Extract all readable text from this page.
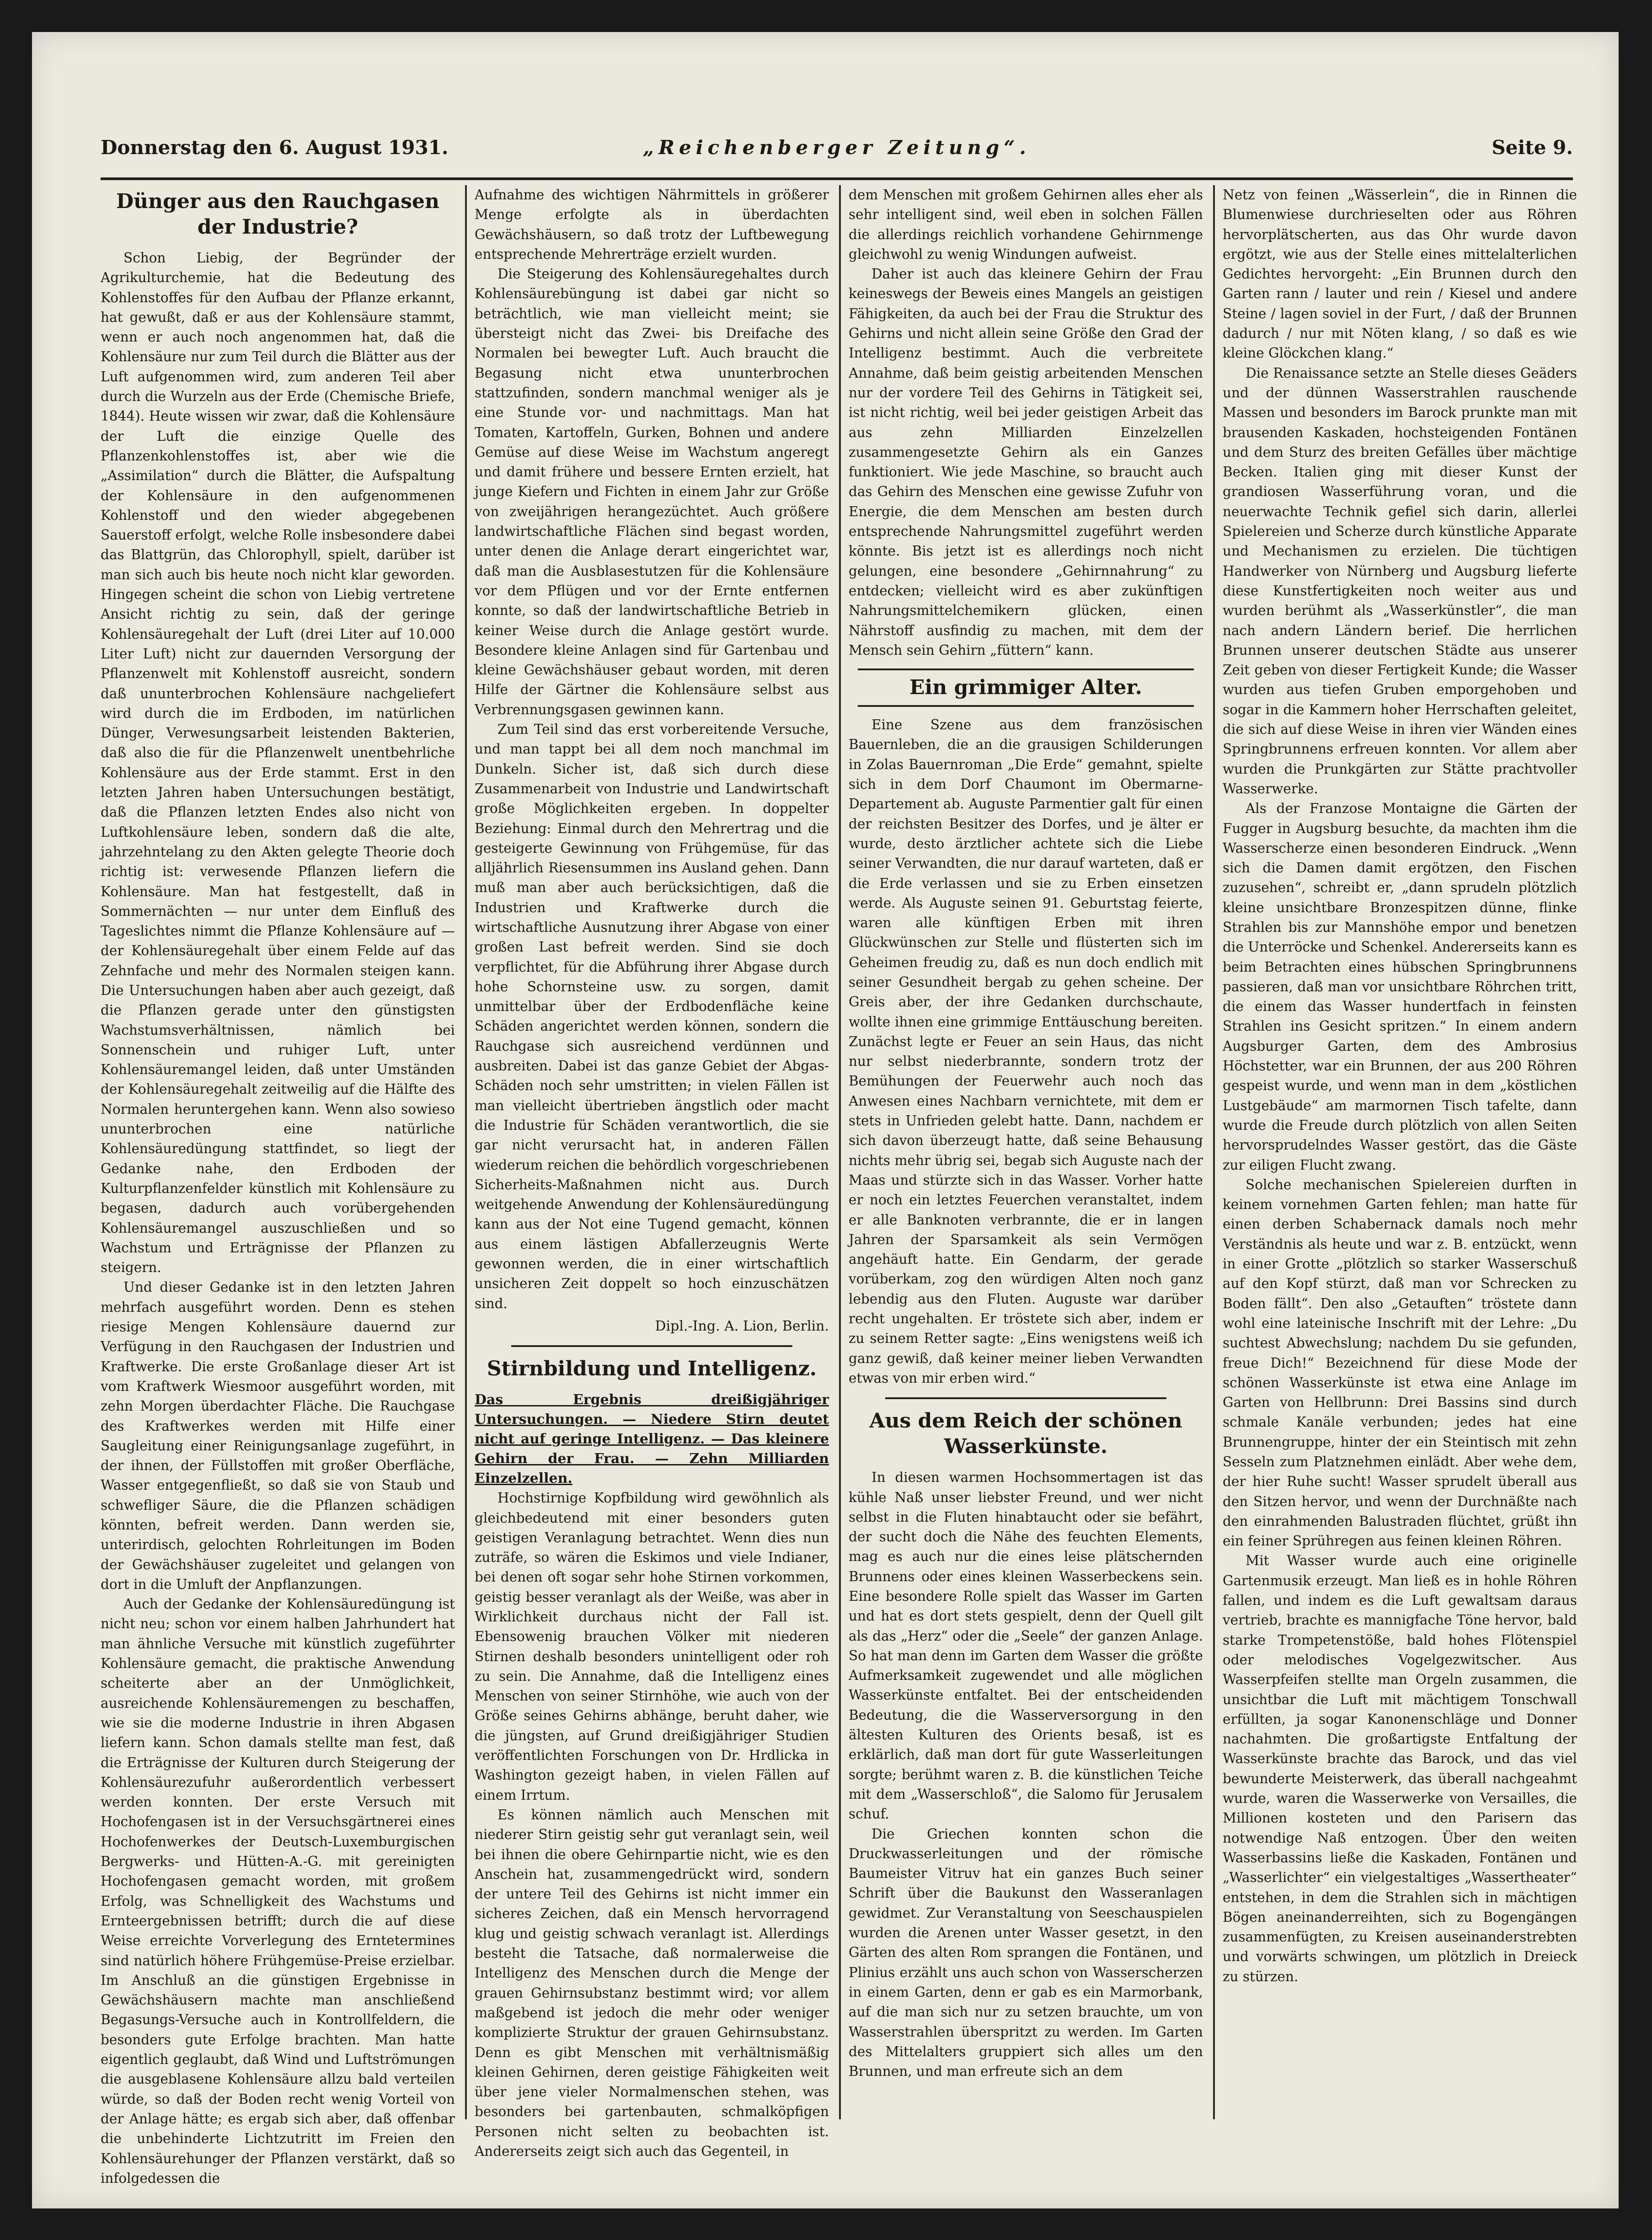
Donnerstag den 6. August 1931.	„Reichenberger Zeitung“.	Seite 9.
Dünger aus den Rauchgasen der Industrie?

Schon Liebig, der Begründer der Agrikulturchemie, hat die Bedeutung des Kohlenstoffes für den Aufbau der Pflanze erkannt, hat gewußt, daß er aus der Kohlensäure stammt, wenn er auch noch angenommen hat, daß die Kohlensäure nur zum Teil durch die Blätter aus der Luft aufgenommen wird, zum anderen Teil aber durch die Wurzeln aus der Erde (Chemische Briefe, 1844). Heute wissen wir zwar, daß die Kohlensäure der Luft die einzige Quelle des Pflanzenkohlenstoffes ist, aber wie die „Assimilation“ durch die Blätter, die Aufspaltung der Kohlensäure in den aufgenommenen Kohlenstoff und den wieder abgegebenen Sauerstoff erfolgt, welche Rolle insbesondere dabei das Blattgrün, das Chlorophyll, spielt, darüber ist man sich auch bis heute noch nicht klar geworden. Hingegen scheint die schon von Liebig vertretene Ansicht richtig zu sein, daß der geringe Kohlensäuregehalt der Luft (drei Liter auf 10.000 Liter Luft) nicht zur dauernden Versorgung der Pflanzenwelt mit Kohlenstoff ausreicht, sondern daß ununterbrochen Kohlensäure nachgeliefert wird durch die im Erdboden, im natürlichen Dünger, Verwesungsarbeit leistenden Bakterien, daß also die für die Pflanzenwelt unentbehrliche Kohlensäure aus der Erde stammt. Erst in den letzten Jahren haben Untersuchungen bestätigt, daß die Pflanzen letzten Endes also nicht von Luftkohlensäure leben, sondern daß die alte, jahrzehntelang zu den Akten gelegte Theorie doch richtig ist: verwesende Pflanzen liefern die Kohlensäure. Man hat festgestellt, daß in Sommernächten — nur unter dem Einfluß des Tageslichtes nimmt die Pflanze Kohlensäure auf — der Kohlensäuregehalt über einem Felde auf das Zehnfache und mehr des Normalen steigen kann. Die Untersuchungen haben aber auch gezeigt, daß die Pflanzen gerade unter den günstigsten Wachstumsverhältnissen, nämlich bei Sonnenschein und ruhiger Luft, unter Kohlensäuremangel leiden, daß unter Umständen der Kohlensäuregehalt zeitweilig auf die Hälfte des Normalen heruntergehen kann. Wenn also sowieso ununterbrochen eine natürliche Kohlensäuredüngung stattfindet, so liegt der Gedanke nahe, den Erdboden der Kulturpflanzenfelder künstlich mit Kohlensäure zu begasen, dadurch auch vorübergehenden Kohlensäuremangel auszuschließen und so Wachstum und Erträgnisse der Pflanzen zu steigern.

Und dieser Gedanke ist in den letzten Jahren mehrfach ausgeführt worden. Denn es stehen riesige Mengen Kohlensäure dauernd zur Verfügung in den Rauchgasen der Industrien und Kraftwerke. Die erste Großanlage dieser Art ist vom Kraftwerk Wiesmoor ausgeführt worden, mit zehn Morgen überdachter Fläche. Die Rauchgase des Kraftwerkes werden mit Hilfe einer Saugleitung einer Reinigungsanlage zugeführt, in der ihnen, der Füllstoffen mit großer Oberfläche, Wasser entgegenfließt, so daß sie von Staub und schwefliger Säure, die die Pflanzen schädigen könnten, befreit werden. Dann werden sie, unterirdisch, gelochten Rohrleitungen im Boden der Gewächshäuser zugeleitet und gelangen von dort in die Umluft der Anpflanzungen.

Auch der Gedanke der Kohlensäuredüngung ist nicht neu; schon vor einem halben Jahrhundert hat man ähnliche Versuche mit künstlich zugeführter Kohlensäure gemacht, die praktische Anwendung scheiterte aber an der Unmöglichkeit, ausreichende Kohlensäuremengen zu beschaffen, wie sie die moderne Industrie in ihren Abgasen liefern kann. Schon damals stellte man fest, daß die Erträgnisse der Kulturen durch Steigerung der Kohlensäurezufuhr außerordentlich verbessert werden konnten. Der erste Versuch mit Hochofengasen ist in der Versuchsgärtnerei eines Hochofenwerkes der Deutsch-Luxemburgischen Bergwerks- und Hütten-A.-G. mit gereinigten Hochofengasen gemacht worden, mit großem Erfolg, was Schnelligkeit des Wachstums und Ernteergebnissen betrifft; durch die auf diese Weise erreichte Vorverlegung des Erntetermines sind natürlich höhere Frühgemüse-Preise erzielbar. Im Anschluß an die günstigen Ergebnisse in Gewächshäusern machte man anschließend Begasungs-Versuche auch in Kontrollfeldern, die besonders gute Erfolge brachten. Man hatte eigentlich geglaubt, daß Wind und Luftströmungen die ausgeblasene Kohlensäure allzu bald verteilen würde, so daß der Boden recht wenig Vorteil von der Anlage hätte; es ergab sich aber, daß offenbar die unbehinderte Lichtzutritt im Freien den Kohlensäurehunger der Pflanzen verstärkt, daß so infolgedessen die

Aufnahme des wichtigen Nährmittels in größerer Menge erfolgte als in überdachten Gewächshäusern, so daß trotz der Luftbewegung entsprechende Mehrerträge erzielt wurden.

Die Steigerung des Kohlensäuregehaltes durch Kohlensäurebüngung ist dabei gar nicht so beträchtlich, wie man vielleicht meint; sie übersteigt nicht das Zwei- bis Dreifache des Normalen bei bewegter Luft. Auch braucht die Begasung nicht etwa ununterbrochen stattzufinden, sondern manchmal weniger als je eine Stunde vor- und nachmittags. Man hat Tomaten, Kartoffeln, Gurken, Bohnen und andere Gemüse auf diese Weise im Wachstum angeregt und damit frühere und bessere Ernten erzielt, hat junge Kiefern und Fichten in einem Jahr zur Größe von zweijährigen herangezüchtet. Auch größere landwirtschaftliche Flächen sind begast worden, unter denen die Anlage derart eingerichtet war, daß man die Ausblasestutzen für die Kohlensäure vor dem Pflügen und vor der Ernte entfernen konnte, so daß der landwirtschaftliche Betrieb in keiner Weise durch die Anlage gestört wurde. Besondere kleine Anlagen sind für Gartenbau und kleine Gewächshäuser gebaut worden, mit deren Hilfe der Gärtner die Kohlensäure selbst aus Verbrennungsgasen gewinnen kann.

Zum Teil sind das erst vorbereitende Versuche, und man tappt bei all dem noch manchmal im Dunkeln. Sicher ist, daß sich durch diese Zusammenarbeit von Industrie und Landwirtschaft große Möglichkeiten ergeben. In doppelter Beziehung: Einmal durch den Mehrertrag und die gesteigerte Gewinnung von Frühgemüse, für das alljährlich Riesensummen ins Ausland gehen. Dann muß man aber auch berücksichtigen, daß die Industrien und Kraftwerke durch die wirtschaftliche Ausnutzung ihrer Abgase von einer großen Last befreit werden. Sind sie doch verpflichtet, für die Abführung ihrer Abgase durch hohe Schornsteine usw. zu sorgen, damit unmittelbar über der Erdbodenfläche keine Schäden angerichtet werden können, sondern die Rauchgase sich ausreichend verdünnen und ausbreiten. Dabei ist das ganze Gebiet der Abgas-Schäden noch sehr umstritten; in vielen Fällen ist man vielleicht übertrieben ängstlich oder macht die Industrie für Schäden verantwortlich, die sie gar nicht verursacht hat, in anderen Fällen wiederum reichen die behördlich vorgeschriebenen Sicherheits-Maßnahmen nicht aus. Durch weitgehende Anwendung der Kohlensäuredüngung kann aus der Not eine Tugend gemacht, können aus einem lästigen Abfallerzeugnis Werte gewonnen werden, die in einer wirtschaftlich unsicheren Zeit doppelt so hoch einzuschätzen sind.

Dipl.-Ing. A. Lion, Berlin.
Stirnbildung und Intelligenz.

Das Ergebnis dreißigjähriger Untersuchungen. — Niedere Stirn deutet nicht auf geringe Intelligenz. — Das kleinere Gehirn der Frau. — Zehn Milliarden Einzelzellen.

Hochstirnige Kopfbildung wird gewöhnlich als gleichbedeutend mit einer besonders guten geistigen Veranlagung betrachtet. Wenn dies nun zuträfe, so wären die Eskimos und viele Indianer, bei denen oft sogar sehr hohe Stirnen vorkommen, geistig besser veranlagt als der Weiße, was aber in Wirklichkeit durchaus nicht der Fall ist. Ebensowenig brauchen Völker mit niederen Stirnen deshalb besonders unintelligent oder roh zu sein. Die Annahme, daß die Intelligenz eines Menschen von seiner Stirnhöhe, wie auch von der Größe seines Gehirns abhänge, beruht daher, wie die jüngsten, auf Grund dreißigjähriger Studien veröffentlichten Forschungen von Dr. Hrdlicka in Washington gezeigt haben, in vielen Fällen auf einem Irrtum.

Es können nämlich auch Menschen mit niederer Stirn geistig sehr gut veranlagt sein, weil bei ihnen die obere Gehirnpartie nicht, wie es den Anschein hat, zusammengedrückt wird, sondern der untere Teil des Gehirns ist nicht immer ein sicheres Zeichen, daß ein Mensch hervorragend klug und geistig schwach veranlagt ist. Allerdings besteht die Tatsache, daß normalerweise die Intelligenz des Menschen durch die Menge der grauen Gehirnsubstanz bestimmt wird; vor allem maßgebend ist jedoch die mehr oder weniger komplizierte Struktur der grauen Gehirnsubstanz. Denn es gibt Menschen mit verhältnismäßig kleinen Gehirnen, deren geistige Fähigkeiten weit über jene vieler Normalmenschen stehen, was besonders bei gartenbauten, schmalköpfigen Personen nicht selten zu beobachten ist. Andererseits zeigt sich auch das Gegenteil, in

dem Menschen mit großem Gehirnen alles eher als sehr intelligent sind, weil eben in solchen Fällen die allerdings reichlich vorhandene Gehirnmenge gleichwohl zu wenig Windungen aufweist.

Daher ist auch das kleinere Gehirn der Frau keineswegs der Beweis eines Mangels an geistigen Fähigkeiten, da auch bei der Frau die Struktur des Gehirns und nicht allein seine Größe den Grad der Intelligenz bestimmt. Auch die verbreitete Annahme, daß beim geistig arbeitenden Menschen nur der vordere Teil des Gehirns in Tätigkeit sei, ist nicht richtig, weil bei jeder geistigen Arbeit das aus zehn Milliarden Einzelzellen zusammengesetzte Gehirn als ein Ganzes funktioniert. Wie jede Maschine, so braucht auch das Gehirn des Menschen eine gewisse Zufuhr von Energie, die dem Menschen am besten durch entsprechende Nahrungsmittel zugeführt werden könnte. Bis jetzt ist es allerdings noch nicht gelungen, eine besondere „Gehirnnahrung“ zu entdecken; vielleicht wird es aber zukünftigen Nahrungsmittelchemikern glücken, einen Nährstoff ausfindig zu machen, mit dem der Mensch sein Gehirn „füttern“ kann.

Ein grimmiger Alter.

Eine Szene aus dem französischen Bauernleben, die an die grausigen Schilderungen in Zolas Bauernroman „Die Erde“ gemahnt, spielte sich in dem Dorf Chaumont im Obermarne-Departement ab. Auguste Parmentier galt für einen der reichsten Besitzer des Dorfes, und je älter er wurde, desto ärztlicher achtete sich die Liebe seiner Verwandten, die nur darauf warteten, daß er die Erde verlassen und sie zu Erben einsetzen werde. Als Auguste seinen 91. Geburtstag feierte, waren alle künftigen Erben mit ihren Glückwünschen zur Stelle und flüsterten sich im Geheimen freudig zu, daß es nun doch endlich mit seiner Gesundheit bergab zu gehen scheine. Der Greis aber, der ihre Gedanken durchschaute, wollte ihnen eine grimmige Enttäuschung bereiten. Zunächst legte er Feuer an sein Haus, das nicht nur selbst niederbrannte, sondern trotz der Bemühungen der Feuerwehr auch noch das Anwesen eines Nachbarn vernichtete, mit dem er stets in Unfrieden gelebt hatte. Dann, nachdem er sich davon überzeugt hatte, daß seine Behausung nichts mehr übrig sei, begab sich Auguste nach der Maas und stürzte sich in das Wasser. Vorher hatte er noch ein letztes Feuerchen veranstaltet, indem er alle Banknoten verbrannte, die er in langen Jahren der Sparsamkeit als sein Vermögen angehäuft hatte. Ein Gendarm, der gerade vorüberkam, zog den würdigen Alten noch ganz lebendig aus den Fluten. Auguste war darüber recht ungehalten. Er tröstete sich aber, indem er zu seinem Retter sagte: „Eins wenigstens weiß ich ganz gewiß, daß keiner meiner lieben Verwandten etwas von mir erben wird.“

Aus dem Reich der schönen Wasserkünste.

In diesen warmen Hochsommertagen ist das kühle Naß unser liebster Freund, und wer nicht selbst in die Fluten hinabtaucht oder sie befährt, der sucht doch die Nähe des feuchten Elements, mag es auch nur die eines leise plätschernden Brunnens oder eines kleinen Wasserbeckens sein. Eine besondere Rolle spielt das Wasser im Garten und hat es dort stets gespielt, denn der Quell gilt als das „Herz“ oder die „Seele“ der ganzen Anlage. So hat man denn im Garten dem Wasser die größte Aufmerksamkeit zugewendet und alle möglichen Wasserkünste entfaltet. Bei der entscheidenden Bedeutung, die die Wasserversorgung in den ältesten Kulturen des Orients besaß, ist es erklärlich, daß man dort für gute Wasserleitungen sorgte; berühmt waren z. B. die künstlichen Teiche mit dem „Wasserschloß“, die Salomo für Jerusalem schuf.

Die Griechen konnten schon die Druckwasserleitungen und der römische Baumeister Vitruv hat ein ganzes Buch seiner Schrift über die Baukunst den Wasseranlagen gewidmet. Zur Veranstaltung von Seeschauspielen wurden die Arenen unter Wasser gesetzt, in den Gärten des alten Rom sprangen die Fontänen, und Plinius erzählt uns auch schon von Wasserscherzen in einem Garten, denn er gab es ein Marmorbank, auf die man sich nur zu setzen brauchte, um von Wasserstrahlen überspritzt zu werden. Im Garten des Mittelalters gruppiert sich alles um den Brunnen, und man erfreute sich an dem

Netz von feinen „Wässerlein“, die in Rinnen die Blumenwiese durchrieselten oder aus Röhren hervorplätscherten, aus das Ohr wurde davon ergötzt, wie aus der Stelle eines mittelalterlichen Gedichtes hervorgeht: „Ein Brunnen durch den Garten rann / lauter und rein / Kiesel und andere Steine / lagen soviel in der Furt, / daß der Brunnen dadurch / nur mit Nöten klang, / so daß es wie kleine Glöckchen klang.“

Die Renaissance setzte an Stelle dieses Geäders und der dünnen Wasserstrahlen rauschende Massen und besonders im Barock prunkte man mit brausenden Kaskaden, hochsteigenden Fontänen und dem Sturz des breiten Gefälles über mächtige Becken. Italien ging mit dieser Kunst der grandiosen Wasserführung voran, und die neuerwachte Technik gefiel sich darin, allerlei Spielereien und Scherze durch künstliche Apparate und Mechanismen zu erzielen. Die tüchtigen Handwerker von Nürnberg und Augsburg lieferte diese Kunstfertigkeiten noch weiter aus und wurden berühmt als „Wasserkünstler“, die man nach andern Ländern berief. Die herrlichen Brunnen unserer deutschen Städte aus unserer Zeit geben von dieser Fertigkeit Kunde; die Wasser wurden aus tiefen Gruben emporgehoben und sogar in die Kammern hoher Herrschaften geleitet, die sich auf diese Weise in ihren vier Wänden eines Springbrunnens erfreuen konnten. Vor allem aber wurden die Prunkgärten zur Stätte prachtvoller Wasserwerke.

Als der Franzose Montaigne die Gärten der Fugger in Augsburg besuchte, da machten ihm die Wasserscherze einen besonderen Eindruck. „Wenn sich die Damen damit ergötzen, den Fischen zuzusehen“, schreibt er, „dann sprudeln plötzlich kleine unsichtbare Bronzespitzen dünne, flinke Strahlen bis zur Mannshöhe empor und benetzen die Unterröcke und Schenkel. Andererseits kann es beim Betrachten eines hübschen Springbrunnens passieren, daß man vor unsichtbare Röhrchen tritt, die einem das Wasser hundertfach in feinsten Strahlen ins Gesicht spritzen.“ In einem andern Augsburger Garten, dem des Ambrosius Höchstetter, war ein Brunnen, der aus 200 Röhren gespeist wurde, und wenn man in dem „köstlichen Lustgebäude“ am marmornen Tisch tafelte, dann wurde die Freude durch plötzlich von allen Seiten hervorsprudelndes Wasser gestört, das die Gäste zur eiligen Flucht zwang.

Solche mechanischen Spielereien durften in keinem vornehmen Garten fehlen; man hatte für einen derben Schabernack damals noch mehr Verständnis als heute und war z. B. entzückt, wenn in einer Grotte „plötzlich so starker Wasserschuß auf den Kopf stürzt, daß man vor Schrecken zu Boden fällt“. Den also „Getauften“ tröstete dann wohl eine lateinische Inschrift mit der Lehre: „Du suchtest Abwechslung; nachdem Du sie gefunden, freue Dich!“ Bezeichnend für diese Mode der schönen Wasserkünste ist etwa eine Anlage im Garten von Hellbrunn: Drei Bassins sind durch schmale Kanäle verbunden; jedes hat eine Brunnengruppe, hinter der ein Steintisch mit zehn Sesseln zum Platznehmen einlädt. Aber wehe dem, der hier Ruhe sucht! Wasser sprudelt überall aus den Sitzen hervor, und wenn der Durchnäßte nach den einrahmenden Balustraden flüchtet, grüßt ihn ein feiner Sprühregen aus feinen kleinen Röhren.

Mit Wasser wurde auch eine originelle Gartenmusik erzeugt. Man ließ es in hohle Röhren fallen, und indem es die Luft gewaltsam daraus vertrieb, brachte es mannigfache Töne hervor, bald starke Trompetenstöße, bald hohes Flötenspiel oder melodisches Vogelgezwitscher. Aus Wasserpfeifen stellte man Orgeln zusammen, die unsichtbar die Luft mit mächtigem Tonschwall erfüllten, ja sogar Kanonenschläge und Donner nachahmten. Die großartigste Entfaltung der Wasserkünste brachte das Barock, und das viel bewunderte Meisterwerk, das überall nachgeahmt wurde, waren die Wasserwerke von Versailles, die Millionen kosteten und den Parisern das notwendige Naß entzogen. Über den weiten Wasserbassins ließe die Kaskaden, Fontänen und „Wasserlichter“ ein vielgestaltiges „Wassertheater“ entstehen, in dem die Strahlen sich in mächtigen Bögen aneinanderreihten, sich zu Bogengängen zusammenfügten, zu Kreisen auseinanderstrebten und vorwärts schwingen, um plötzlich in Dreieck zu stürzen.
